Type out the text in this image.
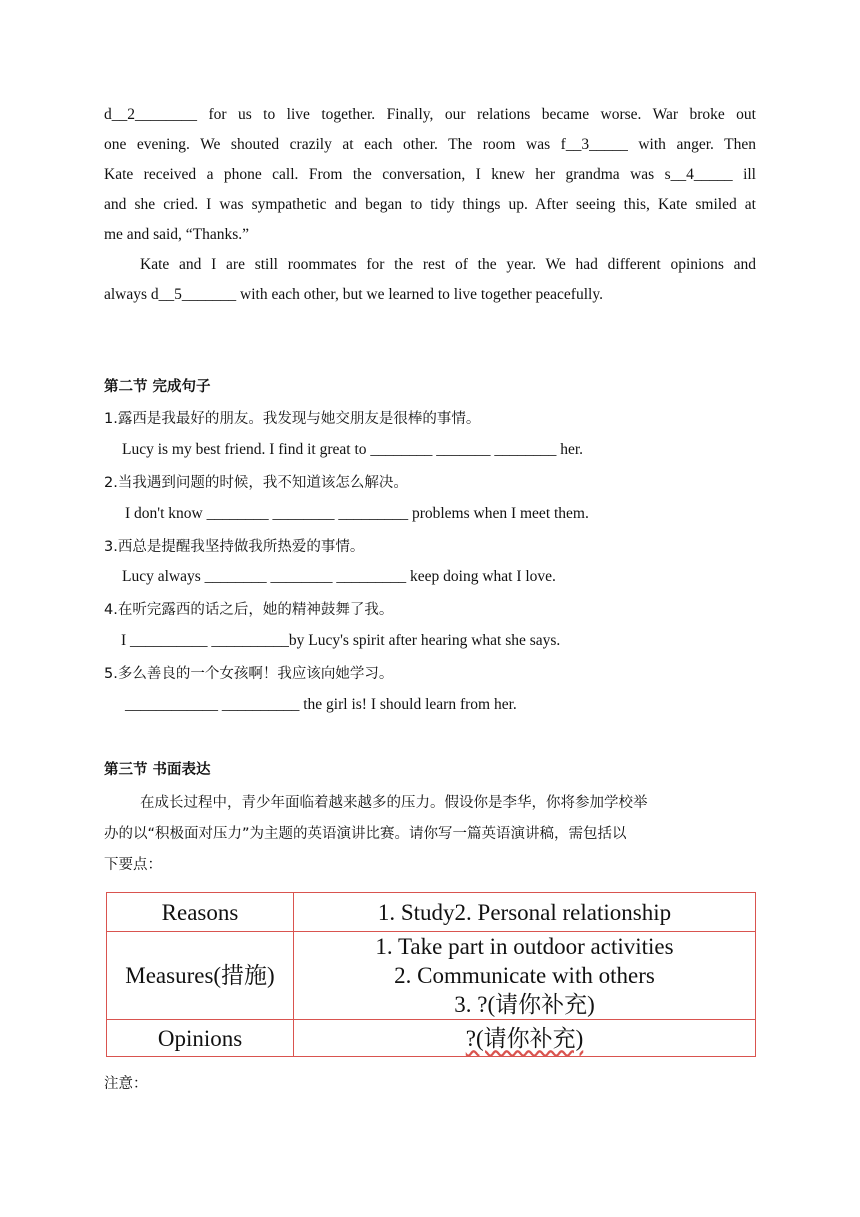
d__2________ for us to live together. Finally, our relations became worse. War broke out
one evening. We shouted crazily at each other. The room was f__3_____ with anger. Then
Kate received a phone call. From the conversation, I knew her grandma was s__4_____ ill
and she cried. I was sympathetic and began to tidy things up. After seeing this, Kate smiled at
me and said, “Thanks.”
Kate and I are still roommates for the rest of the year. We had different opinions and
always d__5_______ with each other, but we learned to live together peacefully.
第二节 完成句子
1.露西是我最好的朋友。我发现与她交朋友是很棒的事情。
Lucy is my best friend. I find it great to ________ _______ ________ her.
2.当我遇到问题的时候，我不知道该怎么解决。
I don't know ________ ________ _________ problems when I meet them.
3.西总是提醒我坚持做我所热爱的事情。
Lucy always ________ ________ _________ keep doing what I love.
4.在听完露西的话之后，她的精神鼓舞了我。
I __________ __________by Lucy's spirit after hearing what she says.
5.多么善良的一个女孩啊！我应该向她学习。
____________ __________ the girl is! I should learn from her.
第三节 书面表达
在成长过程中，青少年面临着越来越多的压力。假设你是李华，你将参加学校举
办的以“积极面对压力”为主题的英语演讲比赛。请你写一篇英语演讲稿，需包括以
下要点：
Reasons	1. Study2. Personal relationship
Measures(措施)	1. Take part in outdoor activities
2. Communicate with others
3. ?(请你补充)

Opinions	?(请你补充)
注意：
